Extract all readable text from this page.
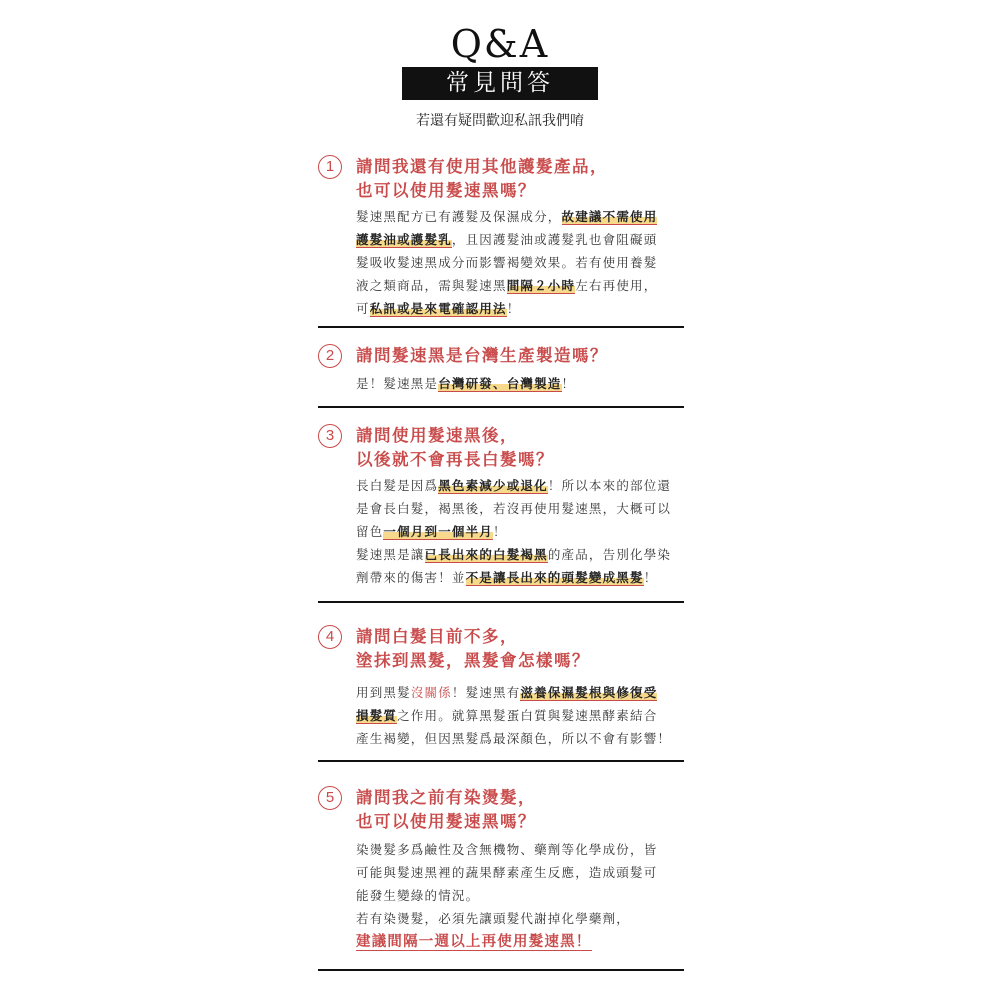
Q&A
常見問答
若還有疑問歡迎私訊我們唷
1	請問我還有使用其他護髮產品，
也可以使用髮速黑嗎？
髮速黑配方已有護髮及保濕成分，故建議不需使用
護髮油或護髮乳，且因護髮油或護髮乳也會阻礙頭
髮吸收髮速黑成分而影響褐變效果。若有使用養髮
液之類商品，需與髮速黑間隔２小時左右再使用，
可私訊或是來電確認用法！
2	請問髮速黑是台灣生產製造嗎？
是！髮速黑是台灣研發、台灣製造！
3	請問使用髮速黑後，
以後就不會再長白髮嗎？
長白髮是因爲黑色素減少或退化！所以本來的部位還
是會長白髮，褐黑後，若沒再使用髮速黑，大概可以
留色一個月到一個半月！
髮速黑是讓已長出來的白髮褐黑的產品，告別化學染
劑帶來的傷害！並不是讓長出來的頭髮變成黑髮！
4	請問白髮目前不多，
塗抹到黑髮，黑髮會怎樣嗎？
用到黑髮沒關係！髮速黑有滋養保濕髮根與修復受
損髮質之作用。就算黑髮蛋白質與髮速黑酵素結合
產生褐變，但因黑髮爲最深顏色，所以不會有影響！
5	請問我之前有染燙髮，
也可以使用髮速黑嗎？
染燙髮多爲鹼性及含無機物、藥劑等化學成份，皆
可能與髮速黑裡的蔬果酵素產生反應，造成頭髮可
能發生變綠的情況。
若有染燙髮，必須先讓頭髮代謝掉化學藥劑，
建議間隔一週以上再使用髮速黑！
